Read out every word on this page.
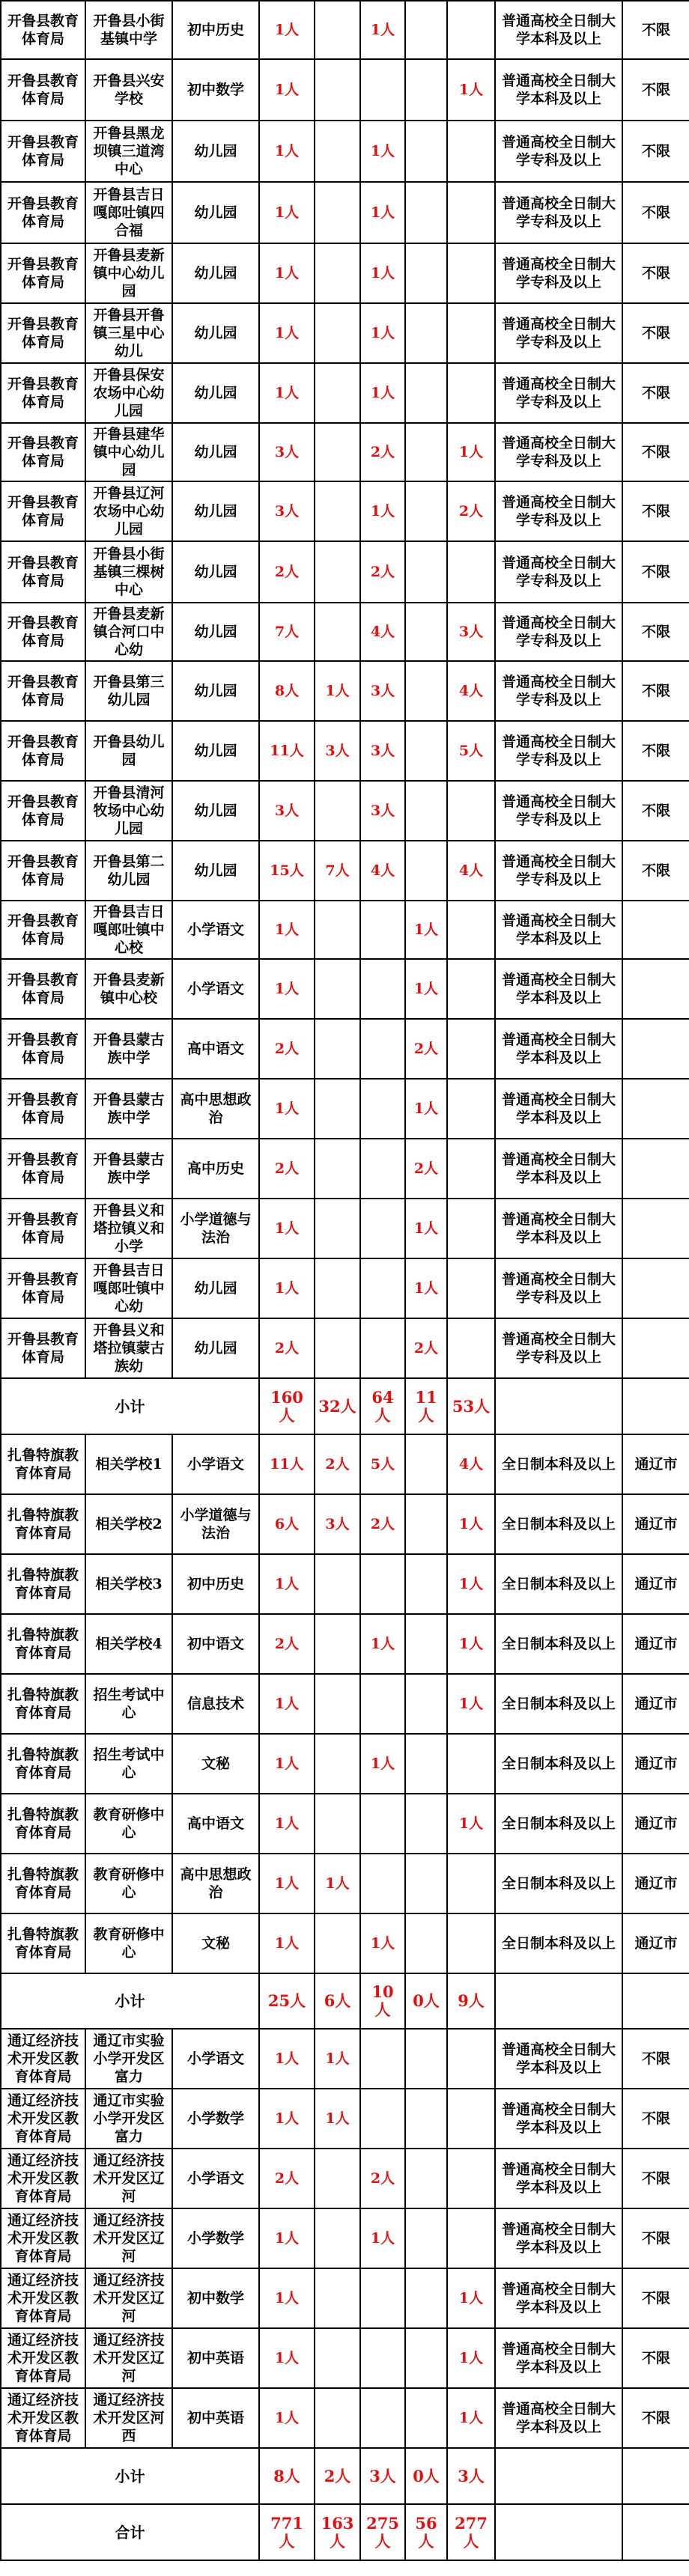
开鲁县教育体育局	开鲁县小街基镇中学	初中历史	1人		1人			普通高校全日制大学本科及以上	不限
开鲁县教育体育局	开鲁县兴安学校	初中数学	1人				1人	普通高校全日制大学本科及以上	不限
开鲁县教育体育局	开鲁县黑龙坝镇三道湾中心	幼儿园	1人		1人			普通高校全日制大学专科及以上	不限
开鲁县教育体育局	开鲁县吉日嘎郎吐镇四合福	幼儿园	1人		1人			普通高校全日制大学专科及以上	不限
开鲁县教育体育局	开鲁县麦新镇中心幼儿园	幼儿园	1人		1人			普通高校全日制大学专科及以上	不限
开鲁县教育体育局	开鲁县开鲁镇三星中心幼儿	幼儿园	1人		1人			普通高校全日制大学专科及以上	不限
开鲁县教育体育局	开鲁县保安农场中心幼儿园	幼儿园	1人		1人			普通高校全日制大学专科及以上	不限
开鲁县教育体育局	开鲁县建华镇中心幼儿园	幼儿园	3人		2人		1人	普通高校全日制大学专科及以上	不限
开鲁县教育体育局	开鲁县辽河农场中心幼儿园	幼儿园	3人		1人		2人	普通高校全日制大学专科及以上	不限
开鲁县教育体育局	开鲁县小街基镇三棵树中心	幼儿园	2人		2人			普通高校全日制大学专科及以上	不限
开鲁县教育体育局	开鲁县麦新镇合河口中心幼	幼儿园	7人		4人		3人	普通高校全日制大学专科及以上	不限
开鲁县教育体育局	开鲁县第三幼儿园	幼儿园	8人	1人	3人		4人	普通高校全日制大学专科及以上	不限
开鲁县教育体育局	开鲁县幼儿园	幼儿园	11人	3人	3人		5人	普通高校全日制大学专科及以上	不限
开鲁县教育体育局	开鲁县清河牧场中心幼儿园	幼儿园	3人		3人			普通高校全日制大学专科及以上	不限
开鲁县教育体育局	开鲁县第二幼儿园	幼儿园	15人	7人	4人		4人	普通高校全日制大学专科及以上	不限
开鲁县教育体育局	开鲁县吉日嘎郎吐镇中心校	小学语文	1人			1人		普通高校全日制大学本科及以上	
开鲁县教育体育局	开鲁县麦新镇中心校	小学语文	1人			1人		普通高校全日制大学本科及以上	
开鲁县教育体育局	开鲁县蒙古族中学	高中语文	2人			2人		普通高校全日制大学本科及以上	
开鲁县教育体育局	开鲁县蒙古族中学	高中思想政治	1人			1人		普通高校全日制大学本科及以上	
开鲁县教育体育局	开鲁县蒙古族中学	高中历史	2人			2人		普通高校全日制大学本科及以上	
开鲁县教育体育局	开鲁县义和塔拉镇义和小学	小学道德与法治	1人			1人		普通高校全日制大学本科及以上	
开鲁县教育体育局	开鲁县吉日嘎郎吐镇中心幼	幼儿园	1人			1人		普通高校全日制大学专科及以上	
开鲁县教育体育局	开鲁县义和塔拉镇蒙古族幼	幼儿园	2人			2人		普通高校全日制大学专科及以上	
小计			160人	32人	64人	11人	53人		
扎鲁特旗教育体育局	相关学校1	小学语文	11人	2人	5人		4人	全日制本科及以上	通辽市
扎鲁特旗教育体育局	相关学校2	小学道德与法治	6人	3人	2人		1人	全日制本科及以上	通辽市
扎鲁特旗教育体育局	相关学校3	初中历史	1人				1人	全日制本科及以上	通辽市
扎鲁特旗教育体育局	相关学校4	初中语文	2人		1人		1人	全日制本科及以上	通辽市
扎鲁特旗教育体育局	招生考试中心	信息技术	1人				1人	全日制本科及以上	通辽市
扎鲁特旗教育体育局	招生考试中心	文秘	1人		1人			全日制本科及以上	通辽市
扎鲁特旗教育体育局	教育研修中心	高中语文	1人				1人	全日制本科及以上	通辽市
扎鲁特旗教育体育局	教育研修中心	高中思想政治	1人	1人				全日制本科及以上	通辽市
扎鲁特旗教育体育局	教育研修中心	文秘	1人		1人			全日制本科及以上	通辽市
小计			25人	6人	10人	0人	9人		
通辽经济技术开发区教育体育局	通辽市实验小学开发区富力	小学语文	1人	1人				普通高校全日制大学本科及以上	不限
通辽经济技术开发区教育体育局	通辽市实验小学开发区富力	小学数学	1人	1人				普通高校全日制大学本科及以上	不限
通辽经济技术开发区教育体育局	通辽经济技术开发区辽河	小学语文	2人		2人			普通高校全日制大学本科及以上	不限
通辽经济技术开发区教育体育局	通辽经济技术开发区辽河	小学数学	1人		1人			普通高校全日制大学本科及以上	不限
通辽经济技术开发区教育体育局	通辽经济技术开发区辽河	初中数学	1人				1人	普通高校全日制大学本科及以上	不限
通辽经济技术开发区教育体育局	通辽经济技术开发区辽河	初中英语	1人				1人	普通高校全日制大学本科及以上	不限
通辽经济技术开发区教育体育局	通辽经济技术开发区河西	初中英语	1人				1人	普通高校全日制大学本科及以上	不限
小计			8人	2人	3人	0人	3人		
合计			771人	163人	275人	56人	277人		
